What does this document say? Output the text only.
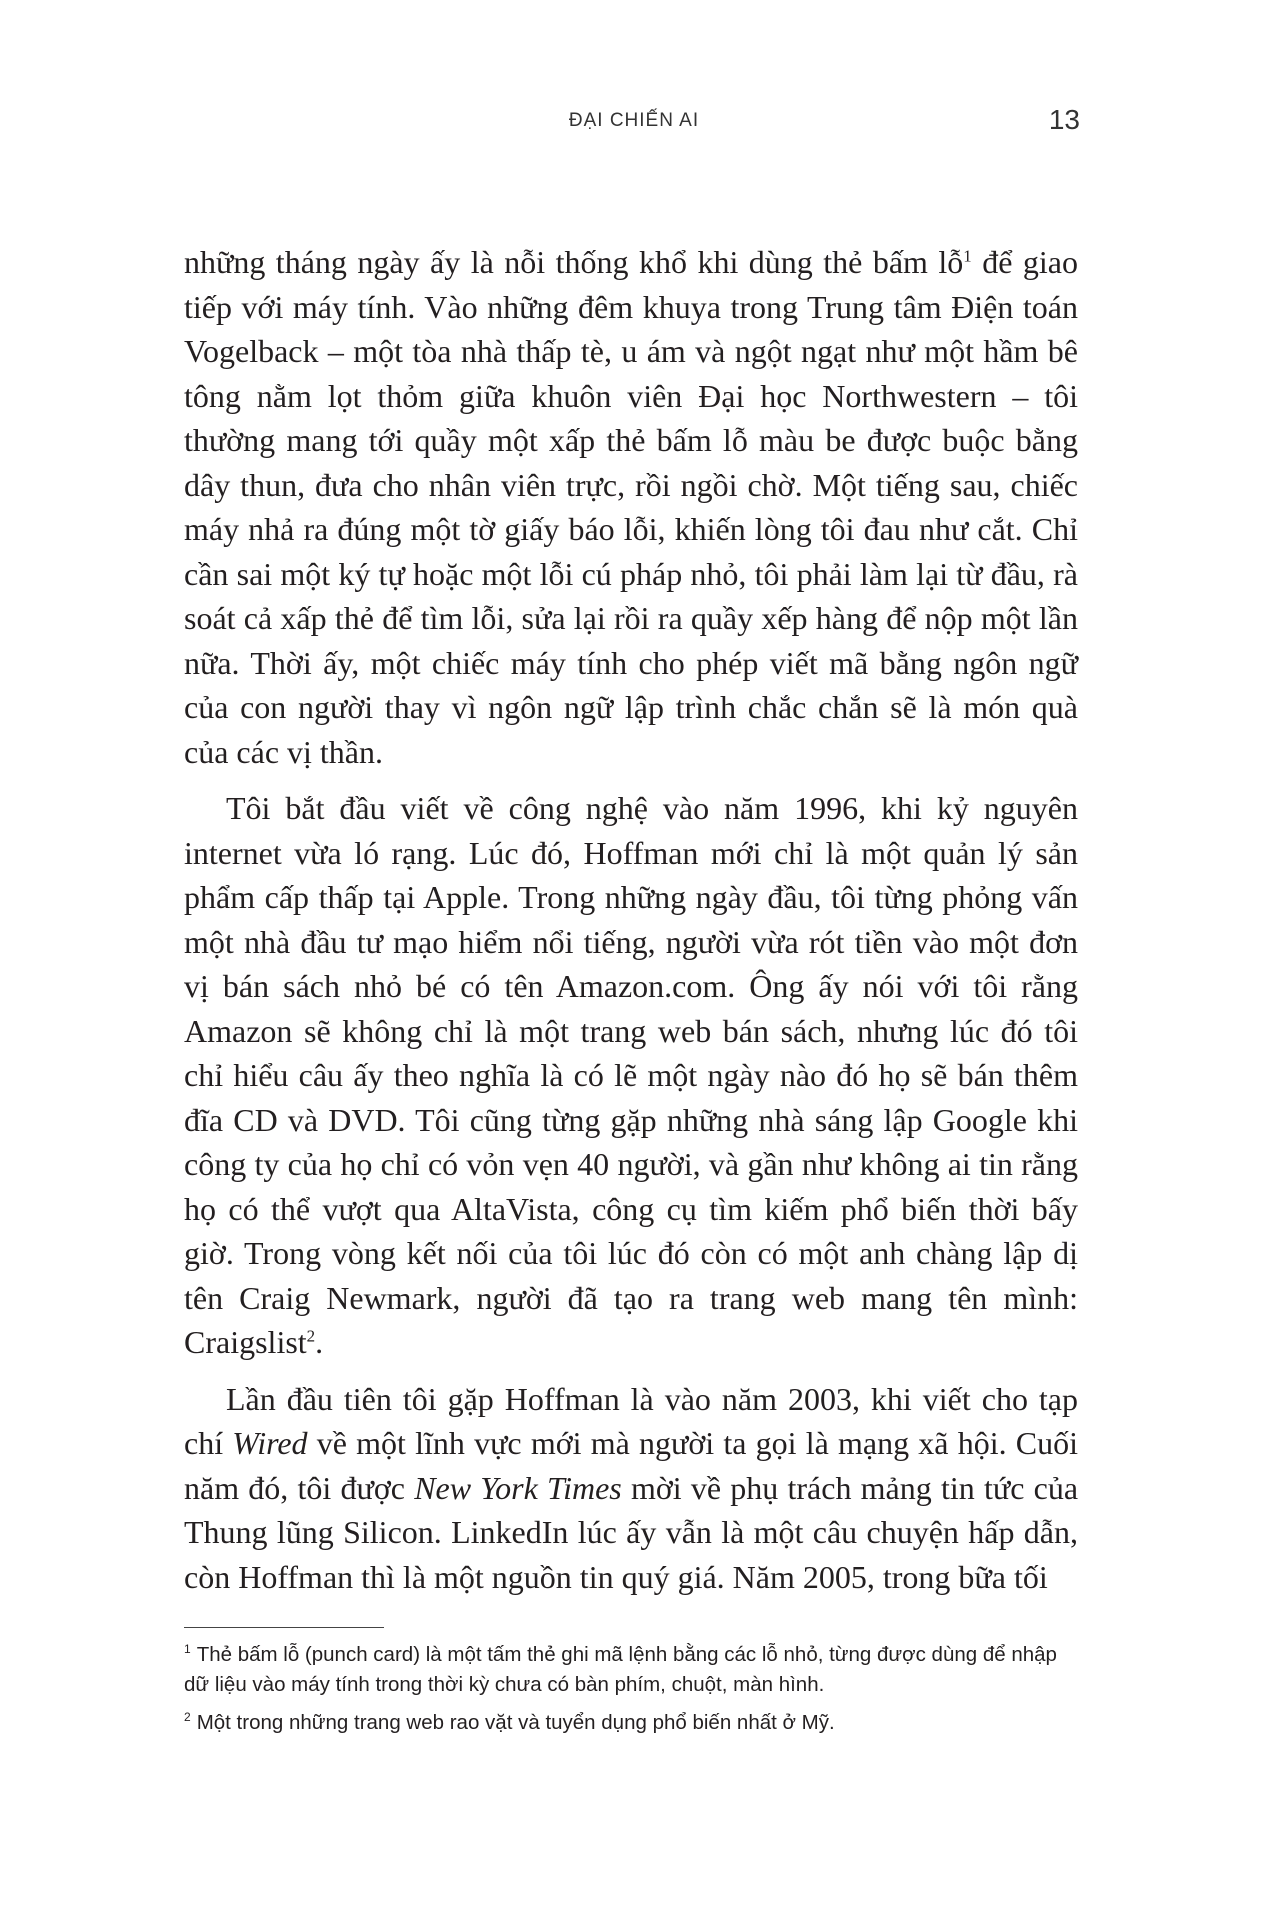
ĐẠI CHIẾN AI	13

những tháng ngày ấy là nỗi thống khổ khi dùng thẻ bấm lỗ$^1$ để giao tiếp với máy tính. Vào những đêm khuya trong Trung tâm Điện toán Vogelback – một tòa nhà thấp tè, u ám và ngột ngạt như một hầm bê tông nằm lọt thỏm giữa khuôn viên Đại học Northwestern – tôi thường mang tới quầy một xấp thẻ bấm lỗ màu be được buộc bằng dây thun, đưa cho nhân viên trực, rồi ngồi chờ. Một tiếng sau, chiếc máy nhả ra đúng một tờ giấy báo lỗi, khiến lòng tôi đau như cắt. Chỉ cần sai một ký tự hoặc một lỗi cú pháp nhỏ, tôi phải làm lại từ đầu, rà soát cả xấp thẻ để tìm lỗi, sửa lại rồi ra quầy xếp hàng để nộp một lần nữa. Thời ấy, một chiếc máy tính cho phép viết mã bằng ngôn ngữ của con người thay vì ngôn ngữ lập trình chắc chắn sẽ là món quà của các vị thần.

Tôi bắt đầu viết về công nghệ vào năm 1996, khi kỷ nguyên internet vừa ló rạng. Lúc đó, Hoffman mới chỉ là một quản lý sản phẩm cấp thấp tại Apple. Trong những ngày đầu, tôi từng phỏng vấn một nhà đầu tư mạo hiểm nổi tiếng, người vừa rót tiền vào một đơn vị bán sách nhỏ bé có tên Amazon.com. Ông ấy nói với tôi rằng Amazon sẽ không chỉ là một trang web bán sách, nhưng lúc đó tôi chỉ hiểu câu ấy theo nghĩa là có lẽ một ngày nào đó họ sẽ bán thêm đĩa CD và DVD. Tôi cũng từng gặp những nhà sáng lập Google khi công ty của họ chỉ có vỏn vẹn 40 người, và gần như không ai tin rằng họ có thể vượt qua AltaVista, công cụ tìm kiếm phổ biến thời bấy giờ. Trong vòng kết nối của tôi lúc đó còn có một anh chàng lập dị tên Craig Newmark, người đã tạo ra trang web mang tên mình: Craigslist$^2$.

Lần đầu tiên tôi gặp Hoffman là vào năm 2003, khi viết cho tạp chí Wired về một lĩnh vực mới mà người ta gọi là mạng xã hội. Cuối năm đó, tôi được New York Times mời về phụ trách mảng tin tức của Thung lũng Silicon. LinkedIn lúc ấy vẫn là một câu chuyện hấp dẫn, còn Hoffman thì là một nguồn tin quý giá. Năm 2005, trong bữa tối

$^1$ Thẻ bấm lỗ (punch card) là một tấm thẻ ghi mã lệnh bằng các lỗ nhỏ, từng được dùng để nhập dữ liệu vào máy tính trong thời kỳ chưa có bàn phím, chuột, màn hình.

$^2$ Một trong những trang web rao vặt và tuyển dụng phổ biến nhất ở Mỹ.
